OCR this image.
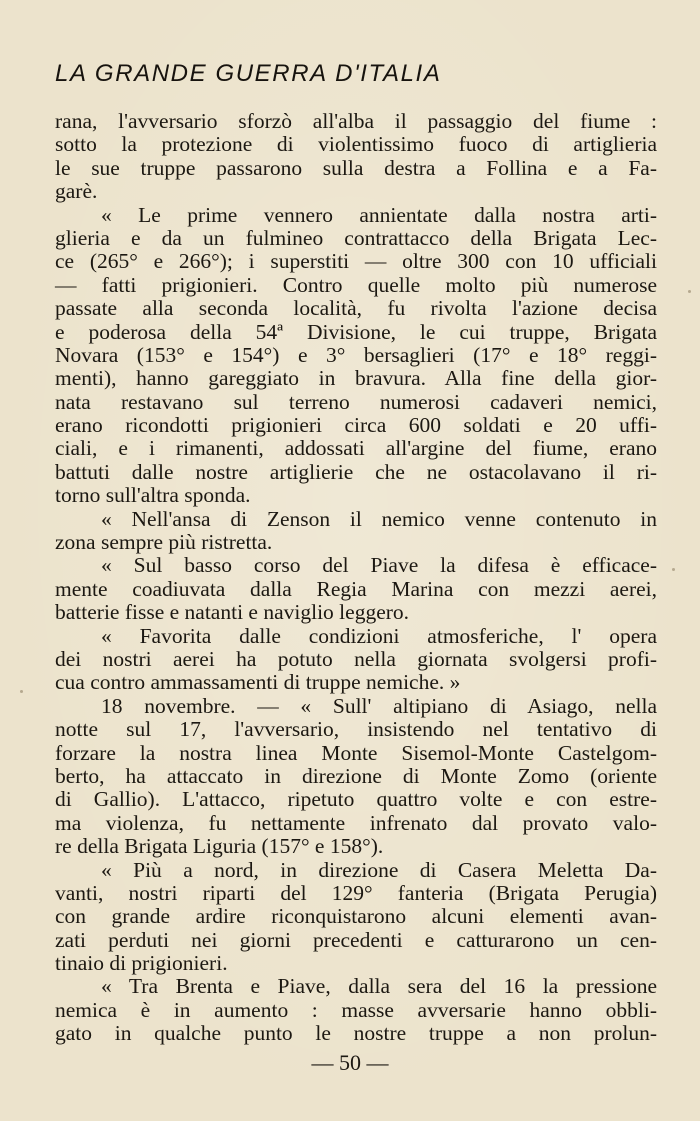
LA GRANDE GUERRA D'ITALIA
rana, l'avversario sforzò all'alba il passaggio del fiume :
sotto la protezione di violentissimo fuoco di artiglieria
le sue truppe passarono sulla destra a Follina e a Fa-
garè.
« Le prime vennero annientate dalla nostra arti-
glieria e da un fulmineo contrattacco della Brigata Lec-
ce (265° e 266°); i superstiti — oltre 300 con 10 ufficiali
— fatti prigionieri. Contro quelle molto più numerose
passate alla seconda località, fu rivolta l'azione decisa
e poderosa della 54ª Divisione, le cui truppe, Brigata
Novara (153° e 154°) e 3° bersaglieri (17° e 18° reggi-
menti), hanno gareggiato in bravura. Alla fine della gior-
nata restavano sul terreno numerosi cadaveri nemici,
erano ricondotti prigionieri circa 600 soldati e 20 uffi-
ciali, e i rimanenti, addossati all'argine del fiume, erano
battuti dalle nostre artiglierie che ne ostacolavano il ri-
torno sull'altra sponda.
« Nell'ansa di Zenson il nemico venne contenuto in
zona sempre più ristretta.
« Sul basso corso del Piave la difesa è efficace-
mente coadiuvata dalla Regia Marina con mezzi aerei,
batterie fisse e natanti e naviglio leggero.
« Favorita dalle condizioni atmosferiche, l' opera
dei nostri aerei ha potuto nella giornata svolgersi profi-
cua contro ammassamenti di truppe nemiche. »
18 novembre. — « Sull' altipiano di Asiago, nella
notte sul 17, l'avversario, insistendo nel tentativo di
forzare la nostra linea Monte Sisemol-Monte Castelgom-
berto, ha attaccato in direzione di Monte Zomo (oriente
di Gallio). L'attacco, ripetuto quattro volte e con estre-
ma violenza, fu nettamente infrenato dal provato valo-
re della Brigata Liguria (157° e 158°).
« Più a nord, in direzione di Casera Meletta Da-
vanti, nostri riparti del 129° fanteria (Brigata Perugia)
con grande ardire riconquistarono alcuni elementi avan-
zati perduti nei giorni precedenti e catturarono un cen-
tinaio di prigionieri.
« Tra Brenta e Piave, dalla sera del 16 la pressione
nemica è in aumento : masse avversarie hanno obbli-
gato in qualche punto le nostre truppe a non prolun-
— 50 —
